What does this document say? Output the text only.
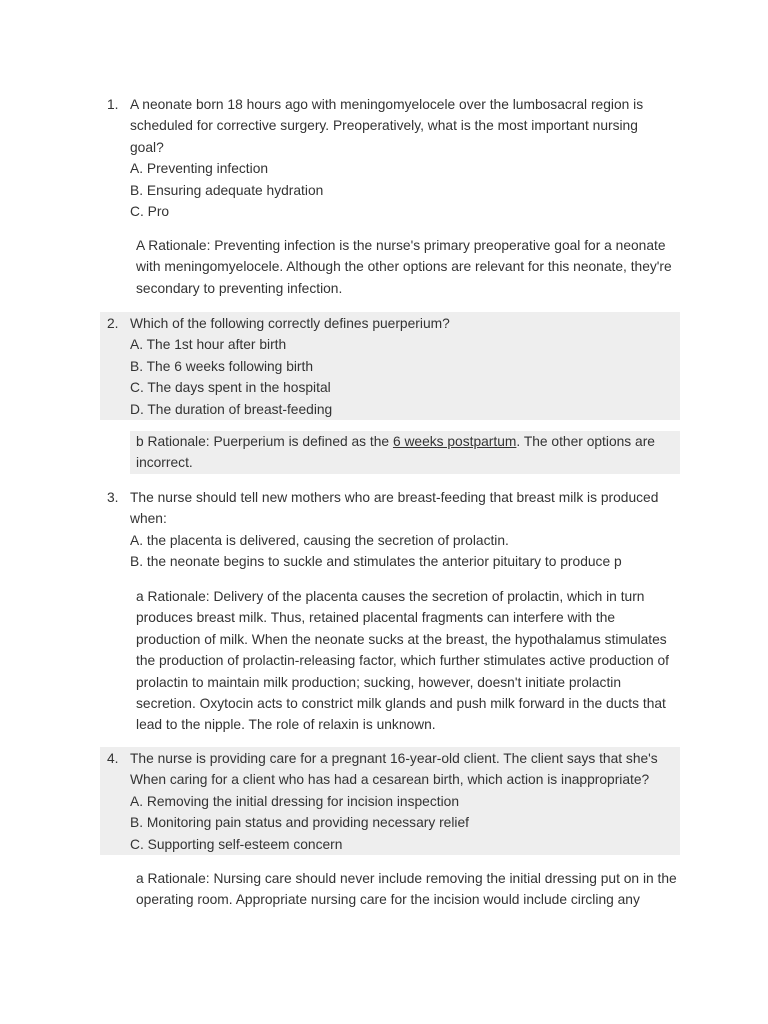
1. A neonate born 18 hours ago with meningomyelocele over the lumbosacral region is
scheduled for corrective surgery. Preoperatively, what is the most important nursing
goal?
A. Preventing infection
B. Ensuring adequate hydration
C. Pro
A Rationale: Preventing infection is the nurse's primary preoperative goal for a neonate
with meningomyelocele. Although the other options are relevant for this neonate, they're
secondary to preventing infection.
2. Which of the following correctly defines puerperium?
A. The 1st hour after birth
B. The 6 weeks following birth
C. The days spent in the hospital
D. The duration of breast-feeding
b Rationale: Puerperium is defined as the 6 weeks postpartum. The other options are
incorrect.
3. The nurse should tell new mothers who are breast-feeding that breast milk is produced
when:
A. the placenta is delivered, causing the secretion of prolactin.
B. the neonate begins to suckle and stimulates the anterior pituitary to produce p
a Rationale: Delivery of the placenta causes the secretion of prolactin, which in turn
produces breast milk. Thus, retained placental fragments can interfere with the
production of milk. When the neonate sucks at the breast, the hypothalamus stimulates
the production of prolactin-releasing factor, which further stimulates active production of
prolactin to maintain milk production; sucking, however, doesn't initiate prolactin
secretion. Oxytocin acts to constrict milk glands and push milk forward in the ducts that
lead to the nipple. The role of relaxin is unknown.
4. The nurse is providing care for a pregnant 16-year-old client. The client says that she's
When caring for a client who has had a cesarean birth, which action is inappropriate?
A. Removing the initial dressing for incision inspection
B. Monitoring pain status and providing necessary relief
C. Supporting self-esteem concern
a Rationale: Nursing care should never include removing the initial dressing put on in the
operating room. Appropriate nursing care for the incision would include circling any
